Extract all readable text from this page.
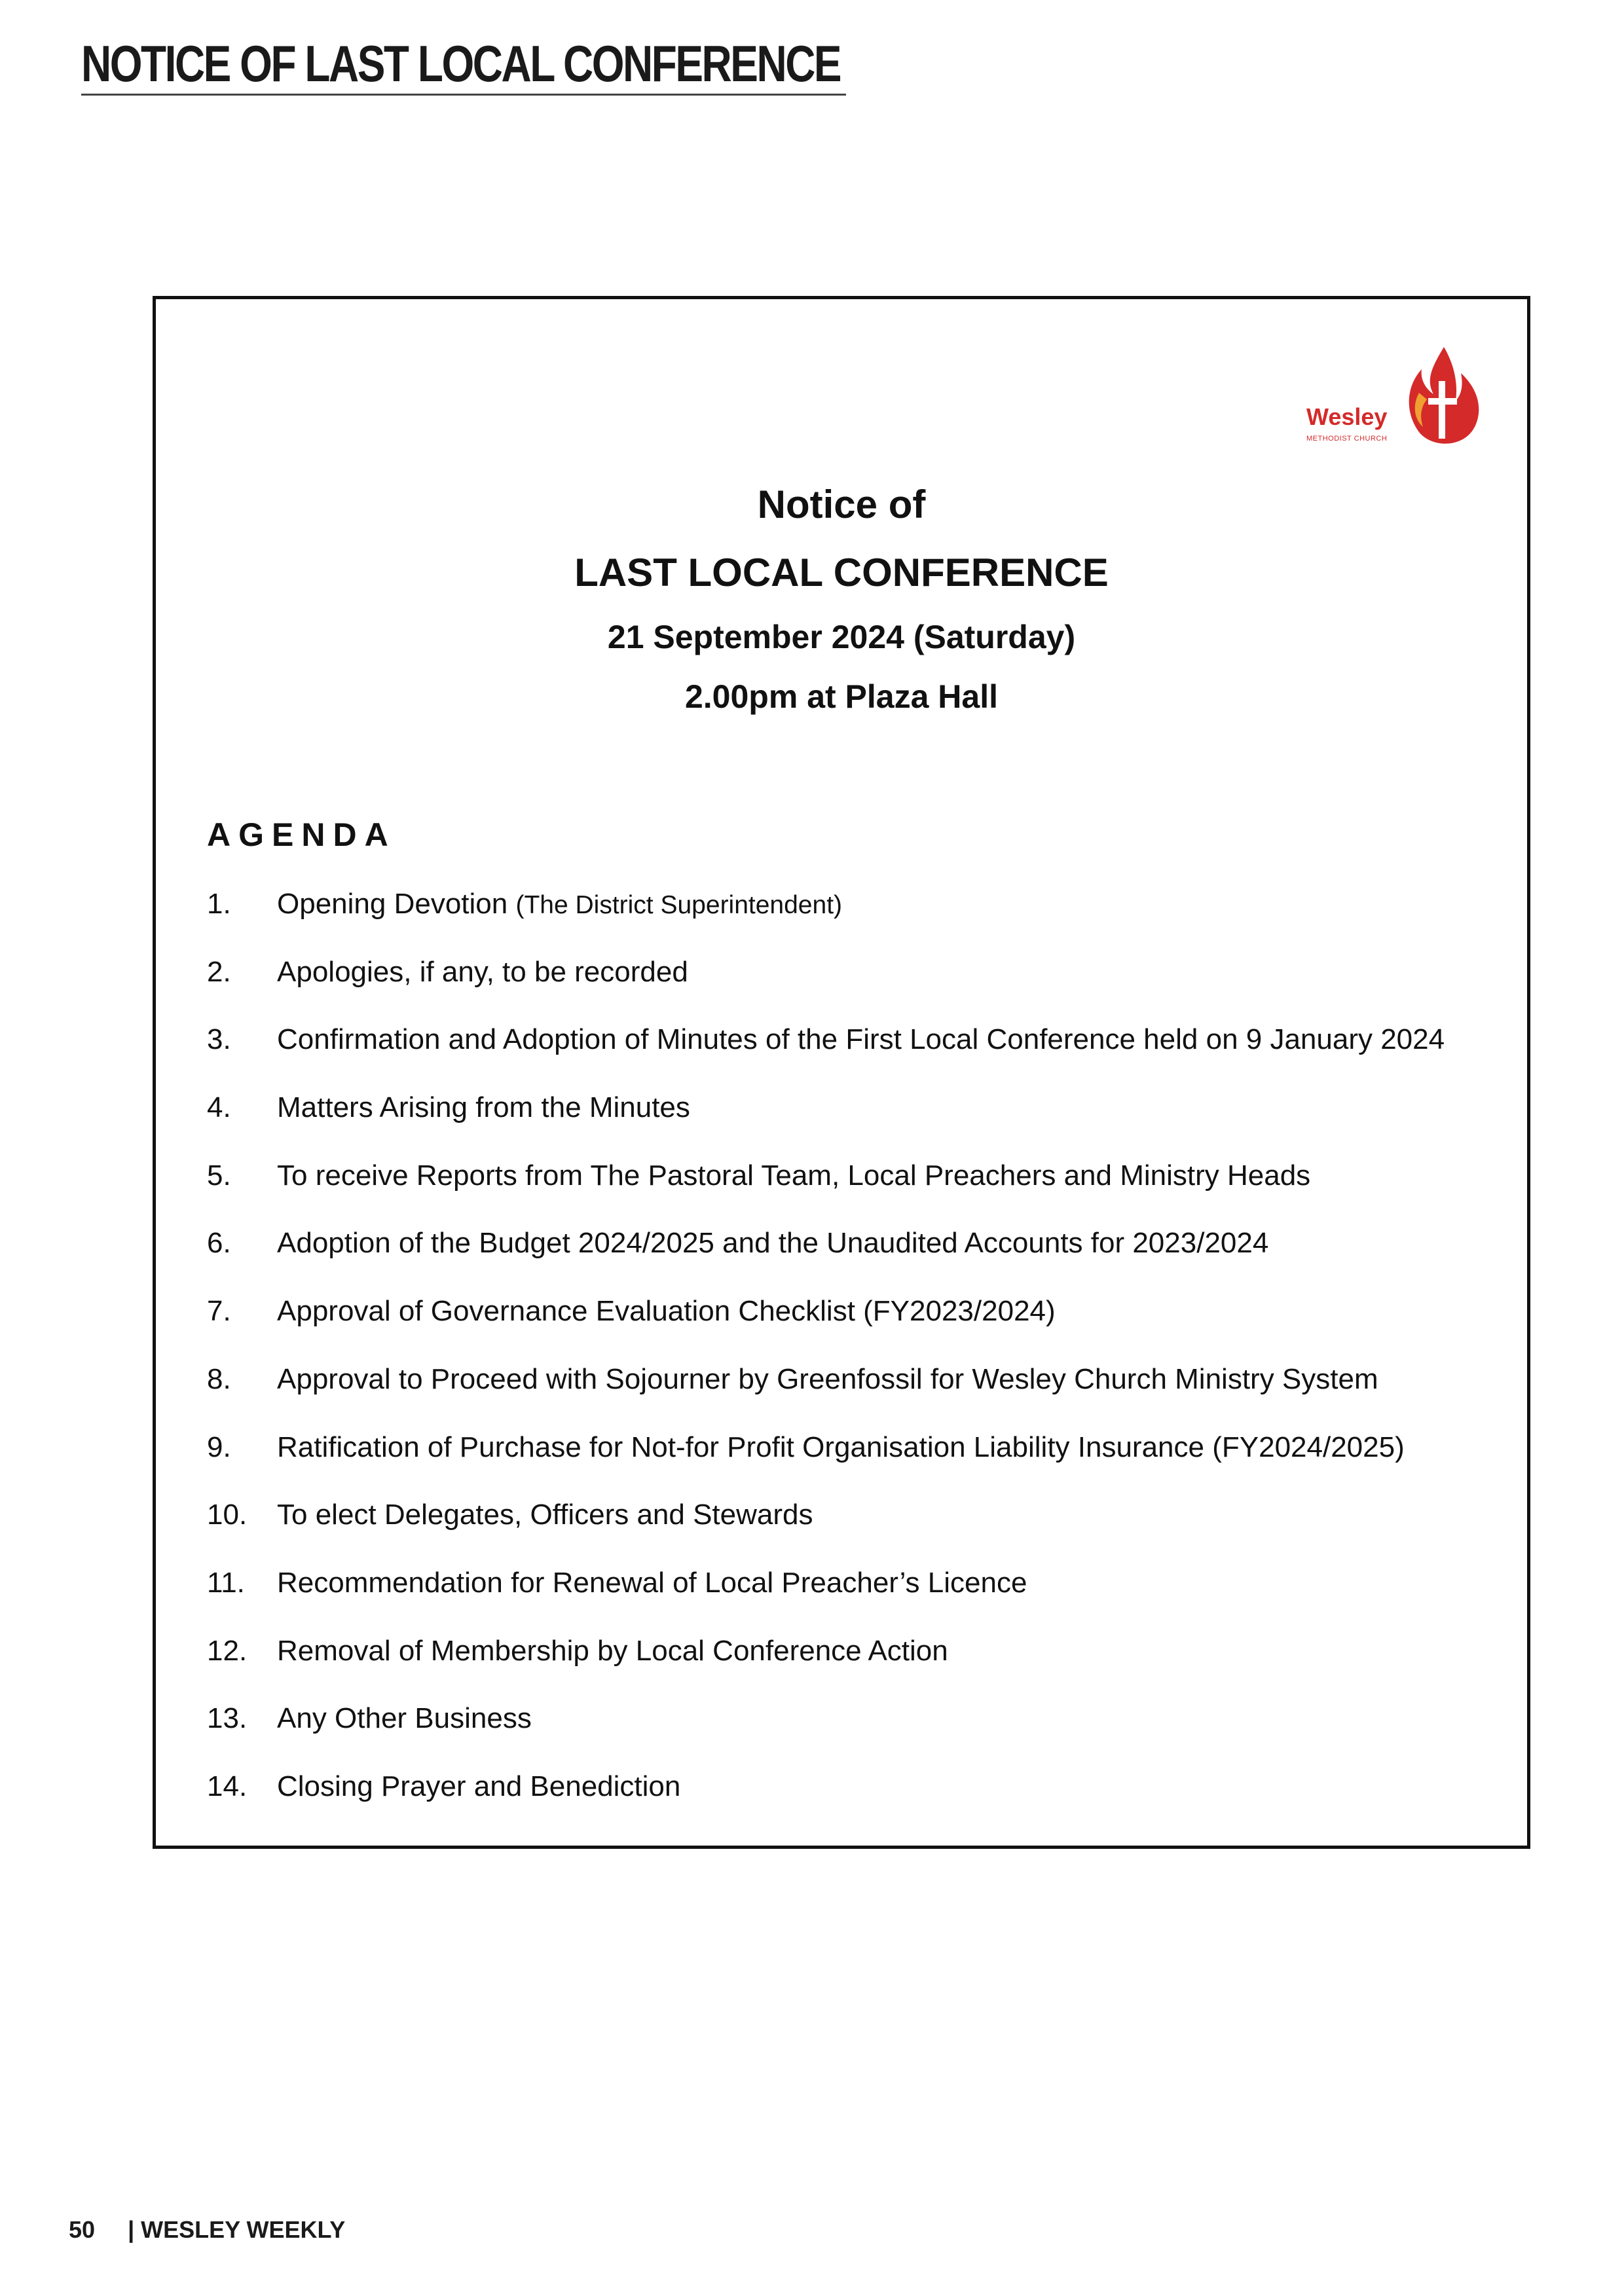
NOTICE OF LAST LOCAL CONFERENCE
Wesley
METHODIST CHURCH
Notice of
LAST LOCAL CONFERENCE
21 September 2024 (Saturday)
2.00pm at Plaza Hall
AGENDA
1. Opening Devotion (The District Superintendent)
2. Apologies, if any, to be recorded
3. Confirmation and Adoption of Minutes of the First Local Conference held on 9 January 2024
4. Matters Arising from the Minutes
5. To receive Reports from The Pastoral Team, Local Preachers and Ministry Heads
6. Adoption of the Budget 2024/2025 and the Unaudited Accounts for 2023/2024
7. Approval of Governance Evaluation Checklist (FY2023/2024)
8. Approval to Proceed with Sojourner by Greenfossil for Wesley Church Ministry System
9. Ratification of Purchase for Not-for Profit Organisation Liability Insurance (FY2024/2025)
10. To elect Delegates, Officers and Stewards
11. Recommendation for Renewal of Local Preacher’s Licence
12. Removal of Membership by Local Conference Action
13. Any Other Business
14. Closing Prayer and Benediction
50 | WESLEY WEEKLY
